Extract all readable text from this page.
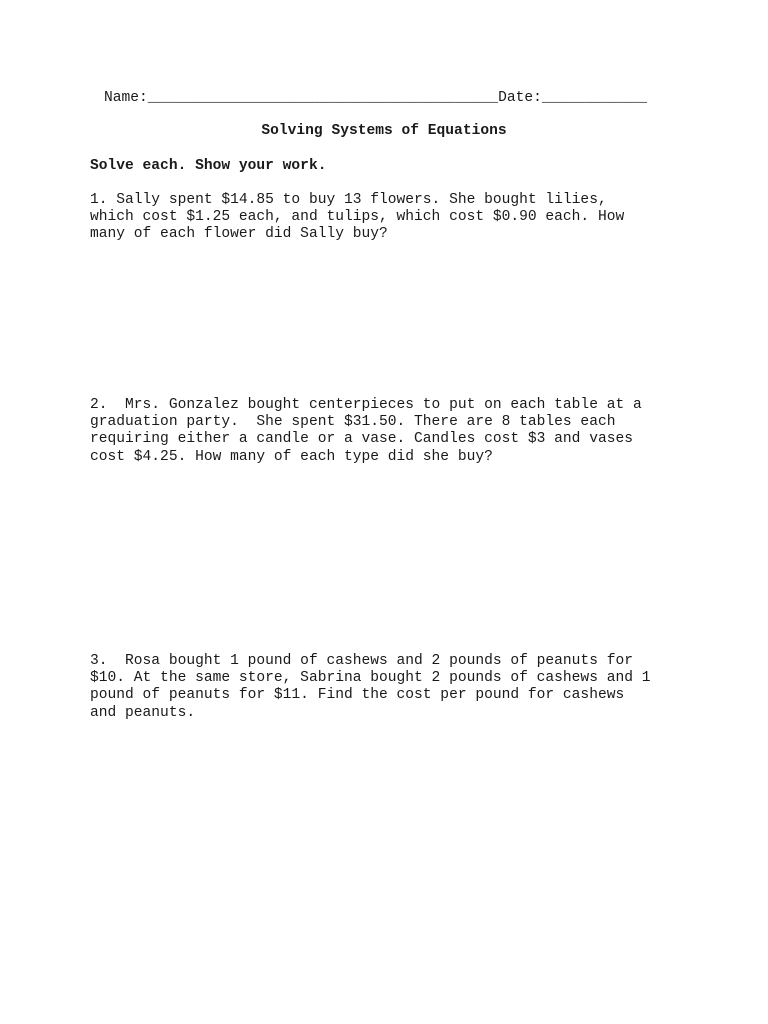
Name:________________________________________Date:____________
Solving Systems of Equations
Solve each. Show your work.
1. Sally spent $14.85 to buy 13 flowers. She bought lilies,
which cost $1.25 each, and tulips, which cost $0.90 each. How
many of each flower did Sally buy?
2.  Mrs. Gonzalez bought centerpieces to put on each table at a
graduation party.  She spent $31.50. There are 8 tables each
requiring either a candle or a vase. Candles cost $3 and vases
cost $4.25. How many of each type did she buy?
3.  Rosa bought 1 pound of cashews and 2 pounds of peanuts for
$10. At the same store, Sabrina bought 2 pounds of cashews and 1
pound of peanuts for $11. Find the cost per pound for cashews
and peanuts.
